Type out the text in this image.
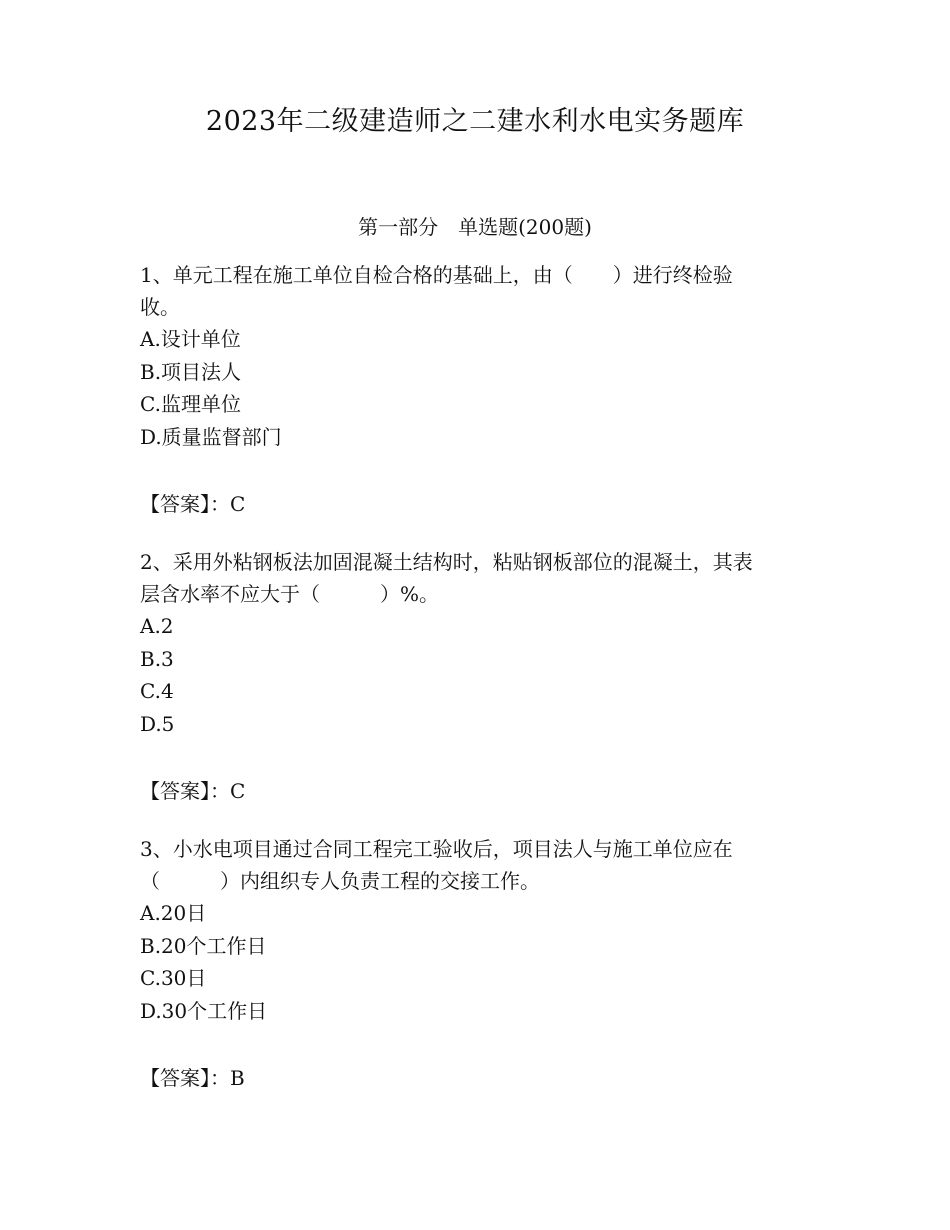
2023年二级建造师之二建水利水电实务题库
第一部分　单选题(200题)

1、单元工程在施工单位自检合格的基础上，由（　　）进行终检验

收。

A.设计单位

B.项目法人

C.监理单位

D.质量监督部门

【答案】：C

2、采用外粘钢板法加固混凝土结构时，粘贴钢板部位的混凝土，其表

层含水率不应大于（　　　）%。

A.2

B.3

C.4

D.5

【答案】：C

3、小水电项目通过合同工程完工验收后，项目法人与施工单位应在

（　　　）内组织专人负责工程的交接工作。

A.20日

B.20个工作日

C.30日

D.30个工作日

【答案】：B
